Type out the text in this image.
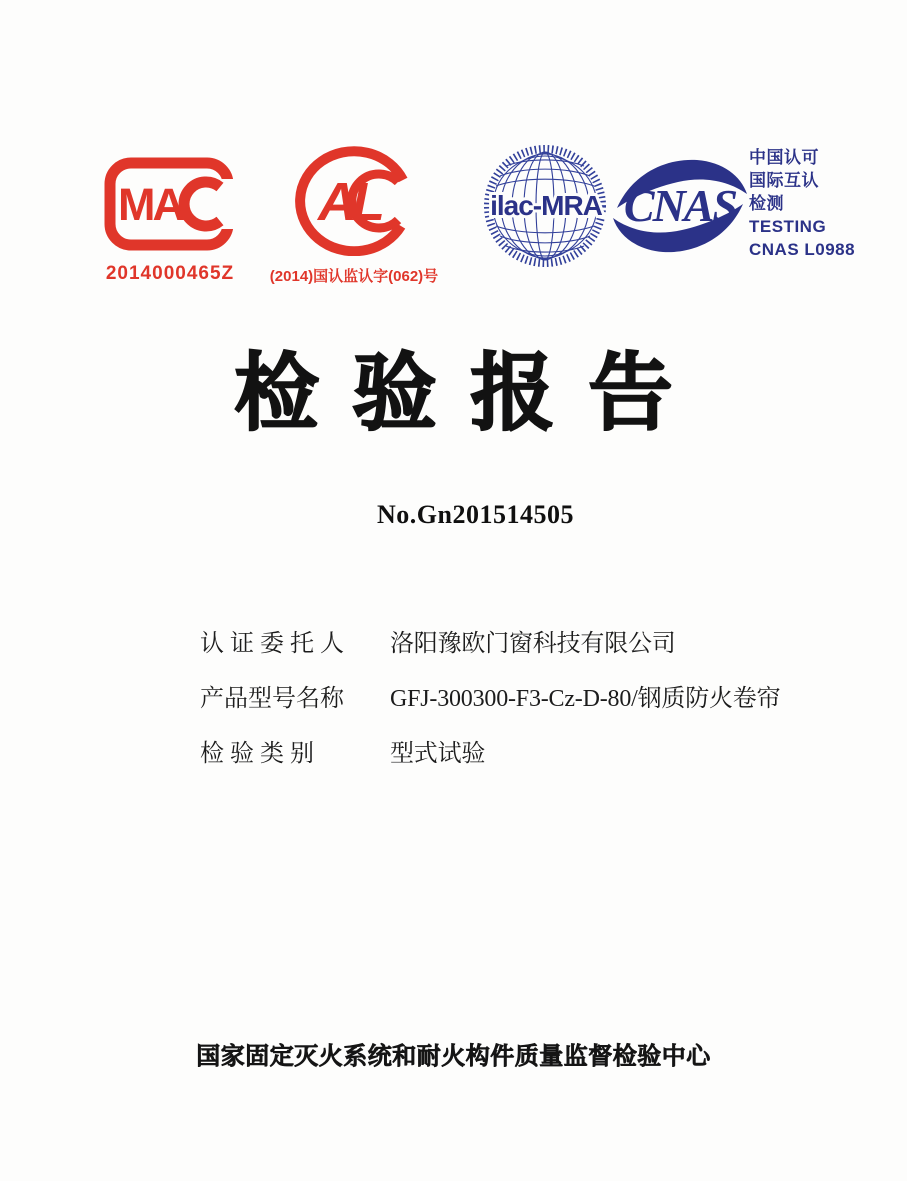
MA
2014000465Z
AL
(2014)国认监认字(062)号
ilac-MRA CNAS
中国认可
国际互认
检测
TESTING
CNAS L0988
检验报告
No.Gn201514505
认 证 委 托 人 洛阳豫欧门窗科技有限公司
产品型号名称 GFJ-300300-F3-Cz-D-80/钢质防火卷帘
检 验 类 别	型式试验
国家固定灭火系统和耐火构件质量监督检验中心
